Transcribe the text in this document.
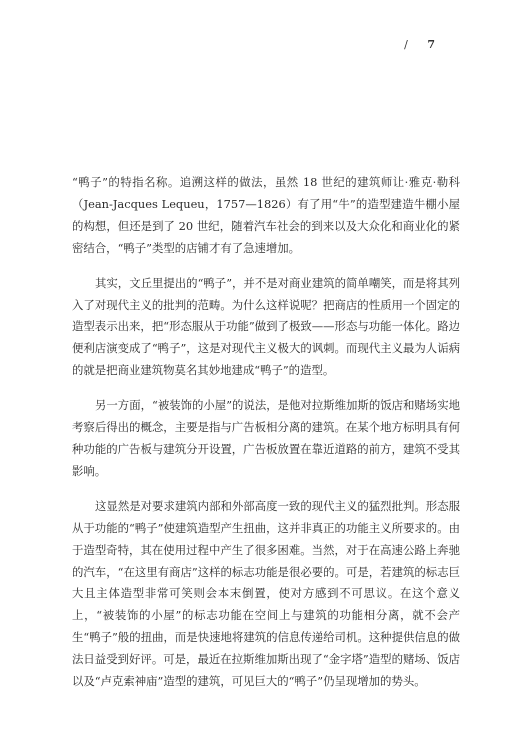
/ 7

“鸭子”的特指名称。追溯这样的做法，虽然 18 世纪的建筑师让·雅克·勒科（Jean-Jacques Lequeu，1757—1826）有了用“牛”的造型建造牛棚小屋的构想，但还是到了 20 世纪，随着汽车社会的到来以及大众化和商业化的紧密结合，“鸭子”类型的店铺才有了急速增加。

其实，文丘里提出的“鸭子”，并不是对商业建筑的简单嘲笑，而是将其列入了对现代主义的批判的范畴。为什么这样说呢？把商店的性质用一个固定的造型表示出来，把“形态服从于功能”做到了极致——形态与功能一体化。路边便利店演变成了“鸭子”，这是对现代主义极大的讽刺。而现代主义最为人诟病的就是把商业建筑物莫名其妙地建成“鸭子”的造型。

另一方面，“被装饰的小屋”的说法，是他对拉斯维加斯的饭店和赌场实地考察后得出的概念，主要是指与广告板相分离的建筑。在某个地方标明具有何种功能的广告板与建筑分开设置，广告板放置在靠近道路的前方，建筑不受其影响。

这显然是对要求建筑内部和外部高度一致的现代主义的猛烈批判。形态服从于功能的“鸭子”使建筑造型产生扭曲，这并非真正的功能主义所要求的。由于造型奇特，其在使用过程中产生了很多困难。当然，对于在高速公路上奔驰的汽车，“在这里有商店”这样的标志功能是很必要的。可是，若建筑的标志巨大且主体造型非常可笑则会本末倒置，使对方感到不可思议。在这个意义上，“被装饰的小屋”的标志功能在空间上与建筑的功能相分离，就不会产生“鸭子”般的扭曲，而是快速地将建筑的信息传递给司机。这种提供信息的做法日益受到好评。可是，最近在拉斯维加斯出现了“金字塔”造型的赌场、饭店以及“卢克索神庙”造型的建筑，可见巨大的“鸭子”仍呈现增加的势头。
